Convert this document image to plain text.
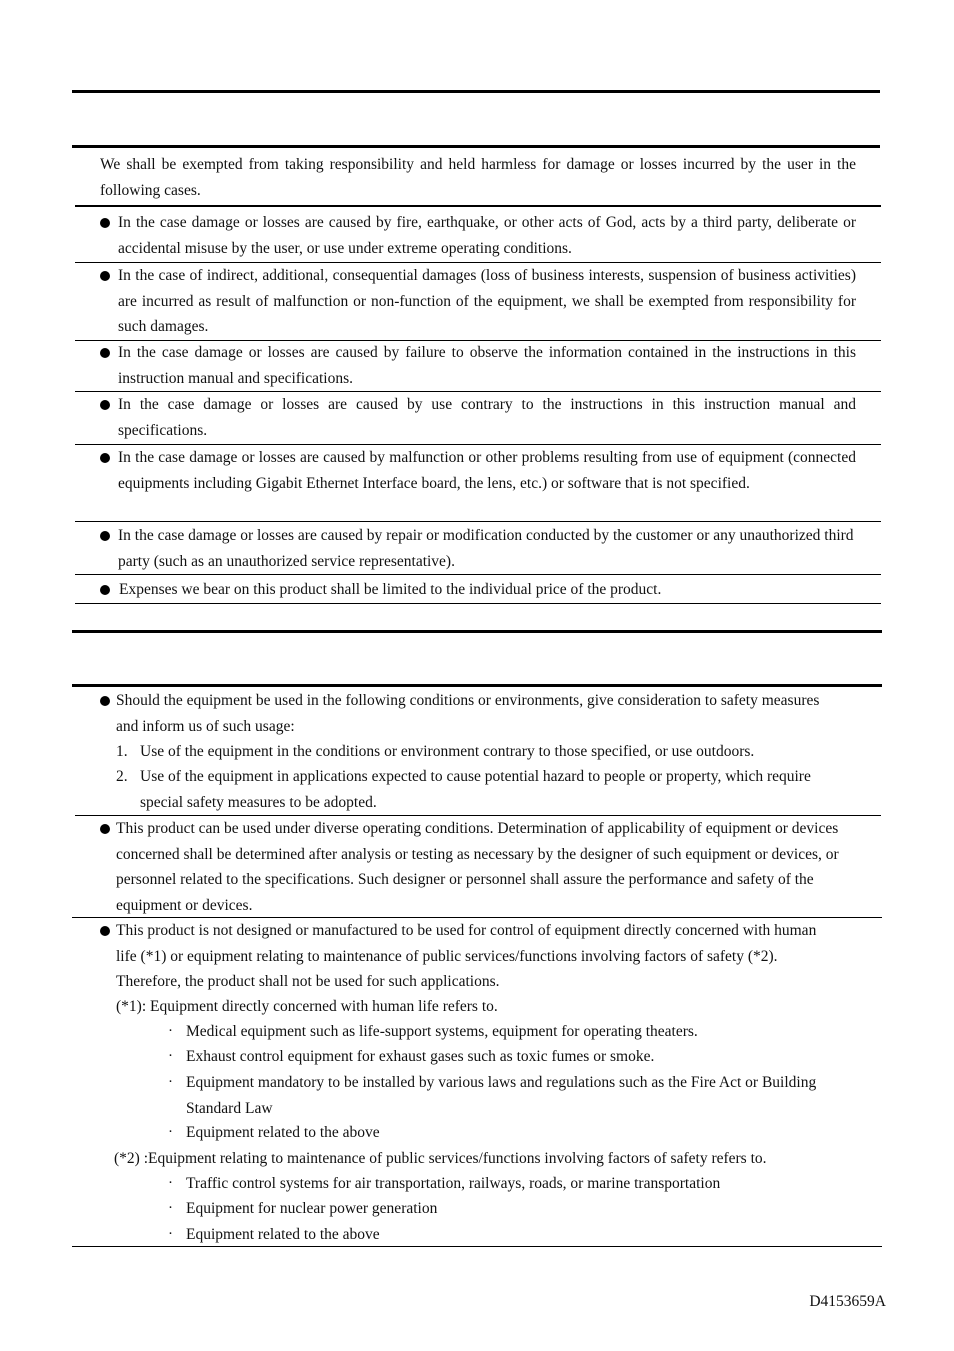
We shall be exempted from taking responsibility and held harmless for damage or losses incurred by the user in the following cases.
In the case damage or losses are caused by fire, earthquake, or other acts of God, acts by a third party, deliberate or accidental misuse by the user, or use under extreme operating conditions.
In the case of indirect, additional, consequential damages (loss of business interests, suspension of business activities) are incurred as result of malfunction or non-function of the equipment, we shall be exempted from responsibility for such damages.
In the case damage or losses are caused by failure to observe the information contained in the instructions in this instruction manual and specifications.
In the case damage or losses are caused by use contrary to the instructions in this instruction manual and specifications.
In the case damage or losses are caused by malfunction or other problems resulting from use of equipment (connected equipments including Gigabit Ethernet Interface board, the lens, etc.) or software that is not specified.
In the case damage or losses are caused by repair or modification conducted by the customer or any unauthorized third party (such as an unauthorized service representative).
Expenses we bear on this product shall be limited to the individual price of the product.
Should the equipment be used in the following conditions or environments, give consideration to safety measures and inform us of such usage:
1. Use of the equipment in the conditions or environment contrary to those specified, or use outdoors.
2. Use of the equipment in applications expected to cause potential hazard to people or property, which require special safety measures to be adopted.
This product can be used under diverse operating conditions. Determination of applicability of equipment or devices concerned shall be determined after analysis or testing as necessary by the designer of such equipment or devices, or personnel related to the specifications. Such designer or personnel shall assure the performance and safety of the equipment or devices.
This product is not designed or manufactured to be used for control of equipment directly concerned with human life (*1) or equipment relating to maintenance of public services/functions involving factors of safety (*2). Therefore, the product shall not be used for such applications.
(*1): Equipment directly concerned with human life refers to.
· Medical equipment such as life-support systems, equipment for operating theaters.
· Exhaust control equipment for exhaust gases such as toxic fumes or smoke.
· Equipment mandatory to be installed by various laws and regulations such as the Fire Act or Building Standard Law
· Equipment related to the above
(*2) :Equipment relating to maintenance of public services/functions involving factors of safety refers to.
· Traffic control systems for air transportation, railways, roads, or marine transportation
· Equipment for nuclear power generation
· Equipment related to the above
D4153659A
